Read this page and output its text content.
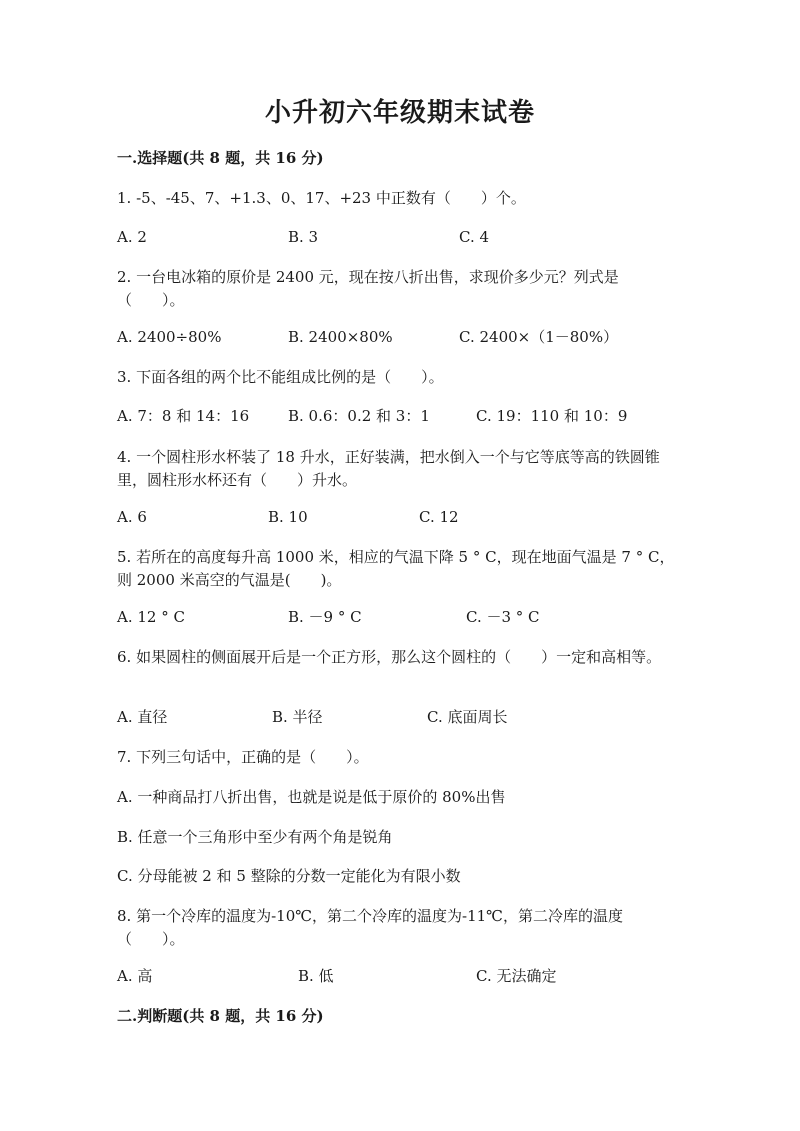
小升初六年级期末试卷
一.选择题(共 8 题，共 16 分)
1. -5、-45、7、+1.3、0、17、+23 中正数有（　　）个。
A. 2	B. 3	C. 4
2. 一台电冰箱的原价是 2400 元，现在按八折出售，求现价多少元？列式是（　　）。
A. 2400÷80%	B. 2400×80%	C. 2400×（1－80%）
3. 下面各组的两个比不能组成比例的是（　　）。
A. 7：8 和 14：16	B. 0.6：0.2 和 3：1	C. 19：110 和 10：9
4. 一个圆柱形水杯装了 18 升水，正好装满，把水倒入一个与它等底等高的铁圆锥里，圆柱形水杯还有（　　）升水。
A. 6	B. 10	C. 12
5. 若所在的高度每升高 1000 米，相应的气温下降 5 ° C，现在地面气温是 7 ° C，则 2000 米高空的气温是(　　)。
A. 12 ° C	B. －9 ° C	C. －3 ° C
6. 如果圆柱的侧面展开后是一个正方形，那么这个圆柱的（　　）一定和高相等。
A. 直径	B. 半径	C. 底面周长
7. 下列三句话中，正确的是（　　）。
A. 一种商品打八折出售，也就是说是低于原价的 80%出售
B. 任意一个三角形中至少有两个角是锐角
C. 分母能被 2 和 5 整除的分数一定能化为有限小数
8. 第一个冷库的温度为-10℃，第二个冷库的温度为-11℃，第二冷库的温度（　　）。
A. 高	B. 低	C. 无法确定
二.判断题(共 8 题，共 16 分)
